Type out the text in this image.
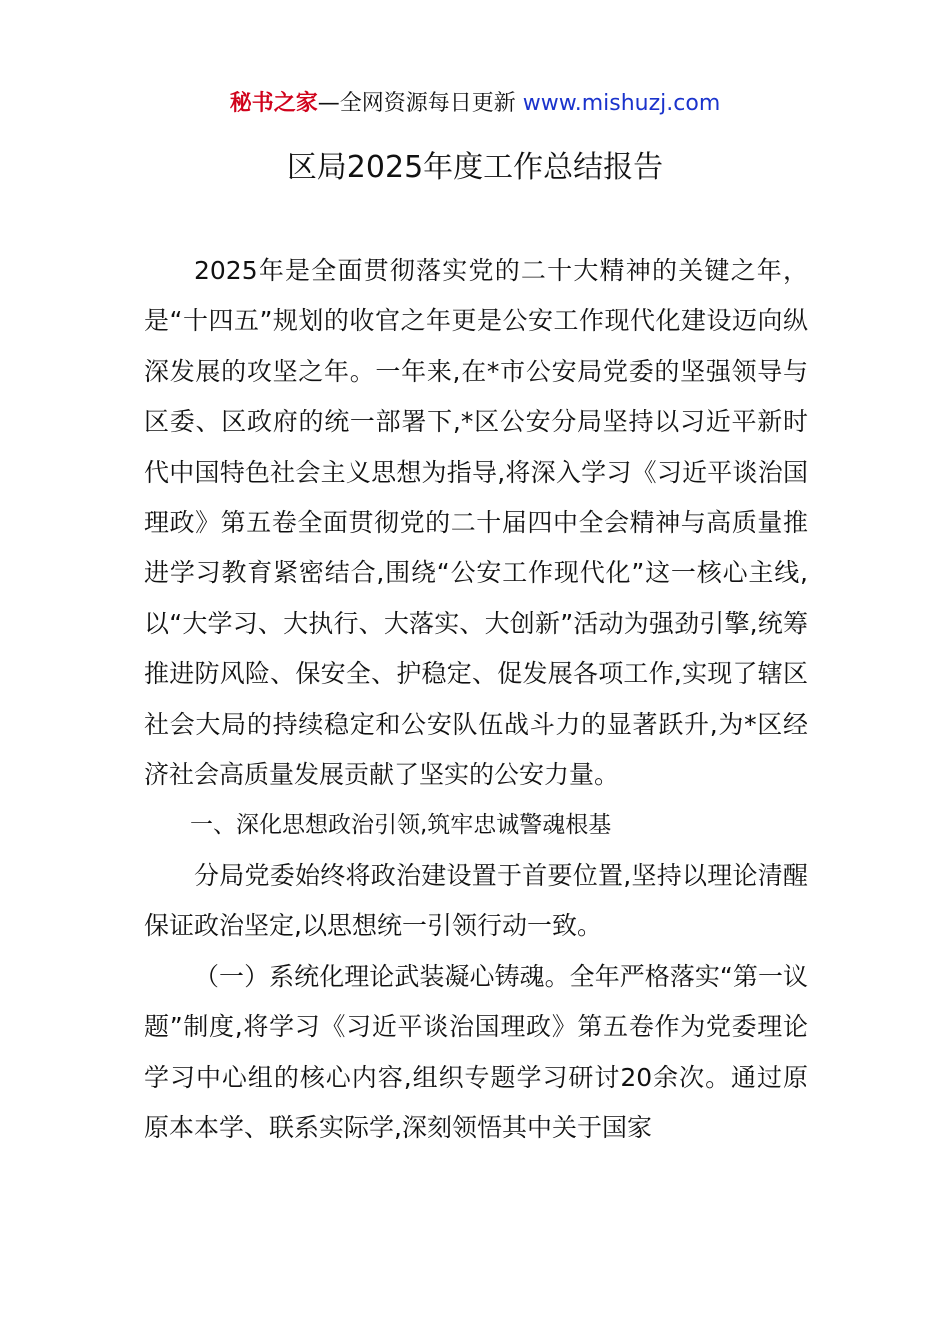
秘书之家—全网资源每日更新 www.mishuzj.com
区局2025年度工作总结报告

2025年是全面贯彻落实党的二十大精神的关键之年，是“十四五”规划的收官之年更是公安工作现代化建设迈向纵深发展的攻坚之年。一年来,在*市公安局党委的坚强领导与区委、区政府的统一部署下,*区公安分局坚持以习近平新时代中国特色社会主义思想为指导,将深入学习《习近平谈治国理政》第五卷全面贯彻党的二十届四中全会精神与高质量推进学习教育紧密结合,围绕“公安工作现代化”这一核心主线,以“大学习、大执行、大落实、大创新”活动为强劲引擎,统筹推进防风险、保安全、护稳定、促发展各项工作,实现了辖区社会大局的持续稳定和公安队伍战斗力的显著跃升,为*区经济社会高质量发展贡献了坚实的公安力量。

一、深化思想政治引领,筑牢忠诚警魂根基

分局党委始终将政治建设置于首要位置,坚持以理论清醒保证政治坚定,以思想统一引领行动一致。

（一）系统化理论武装凝心铸魂。全年严格落实“第一议题”制度,将学习《习近平谈治国理政》第五卷作为党委理论学习中心组的核心内容,组织专题学习研讨20余次。通过原原本本学、联系实际学,深刻领悟其中关于国家
